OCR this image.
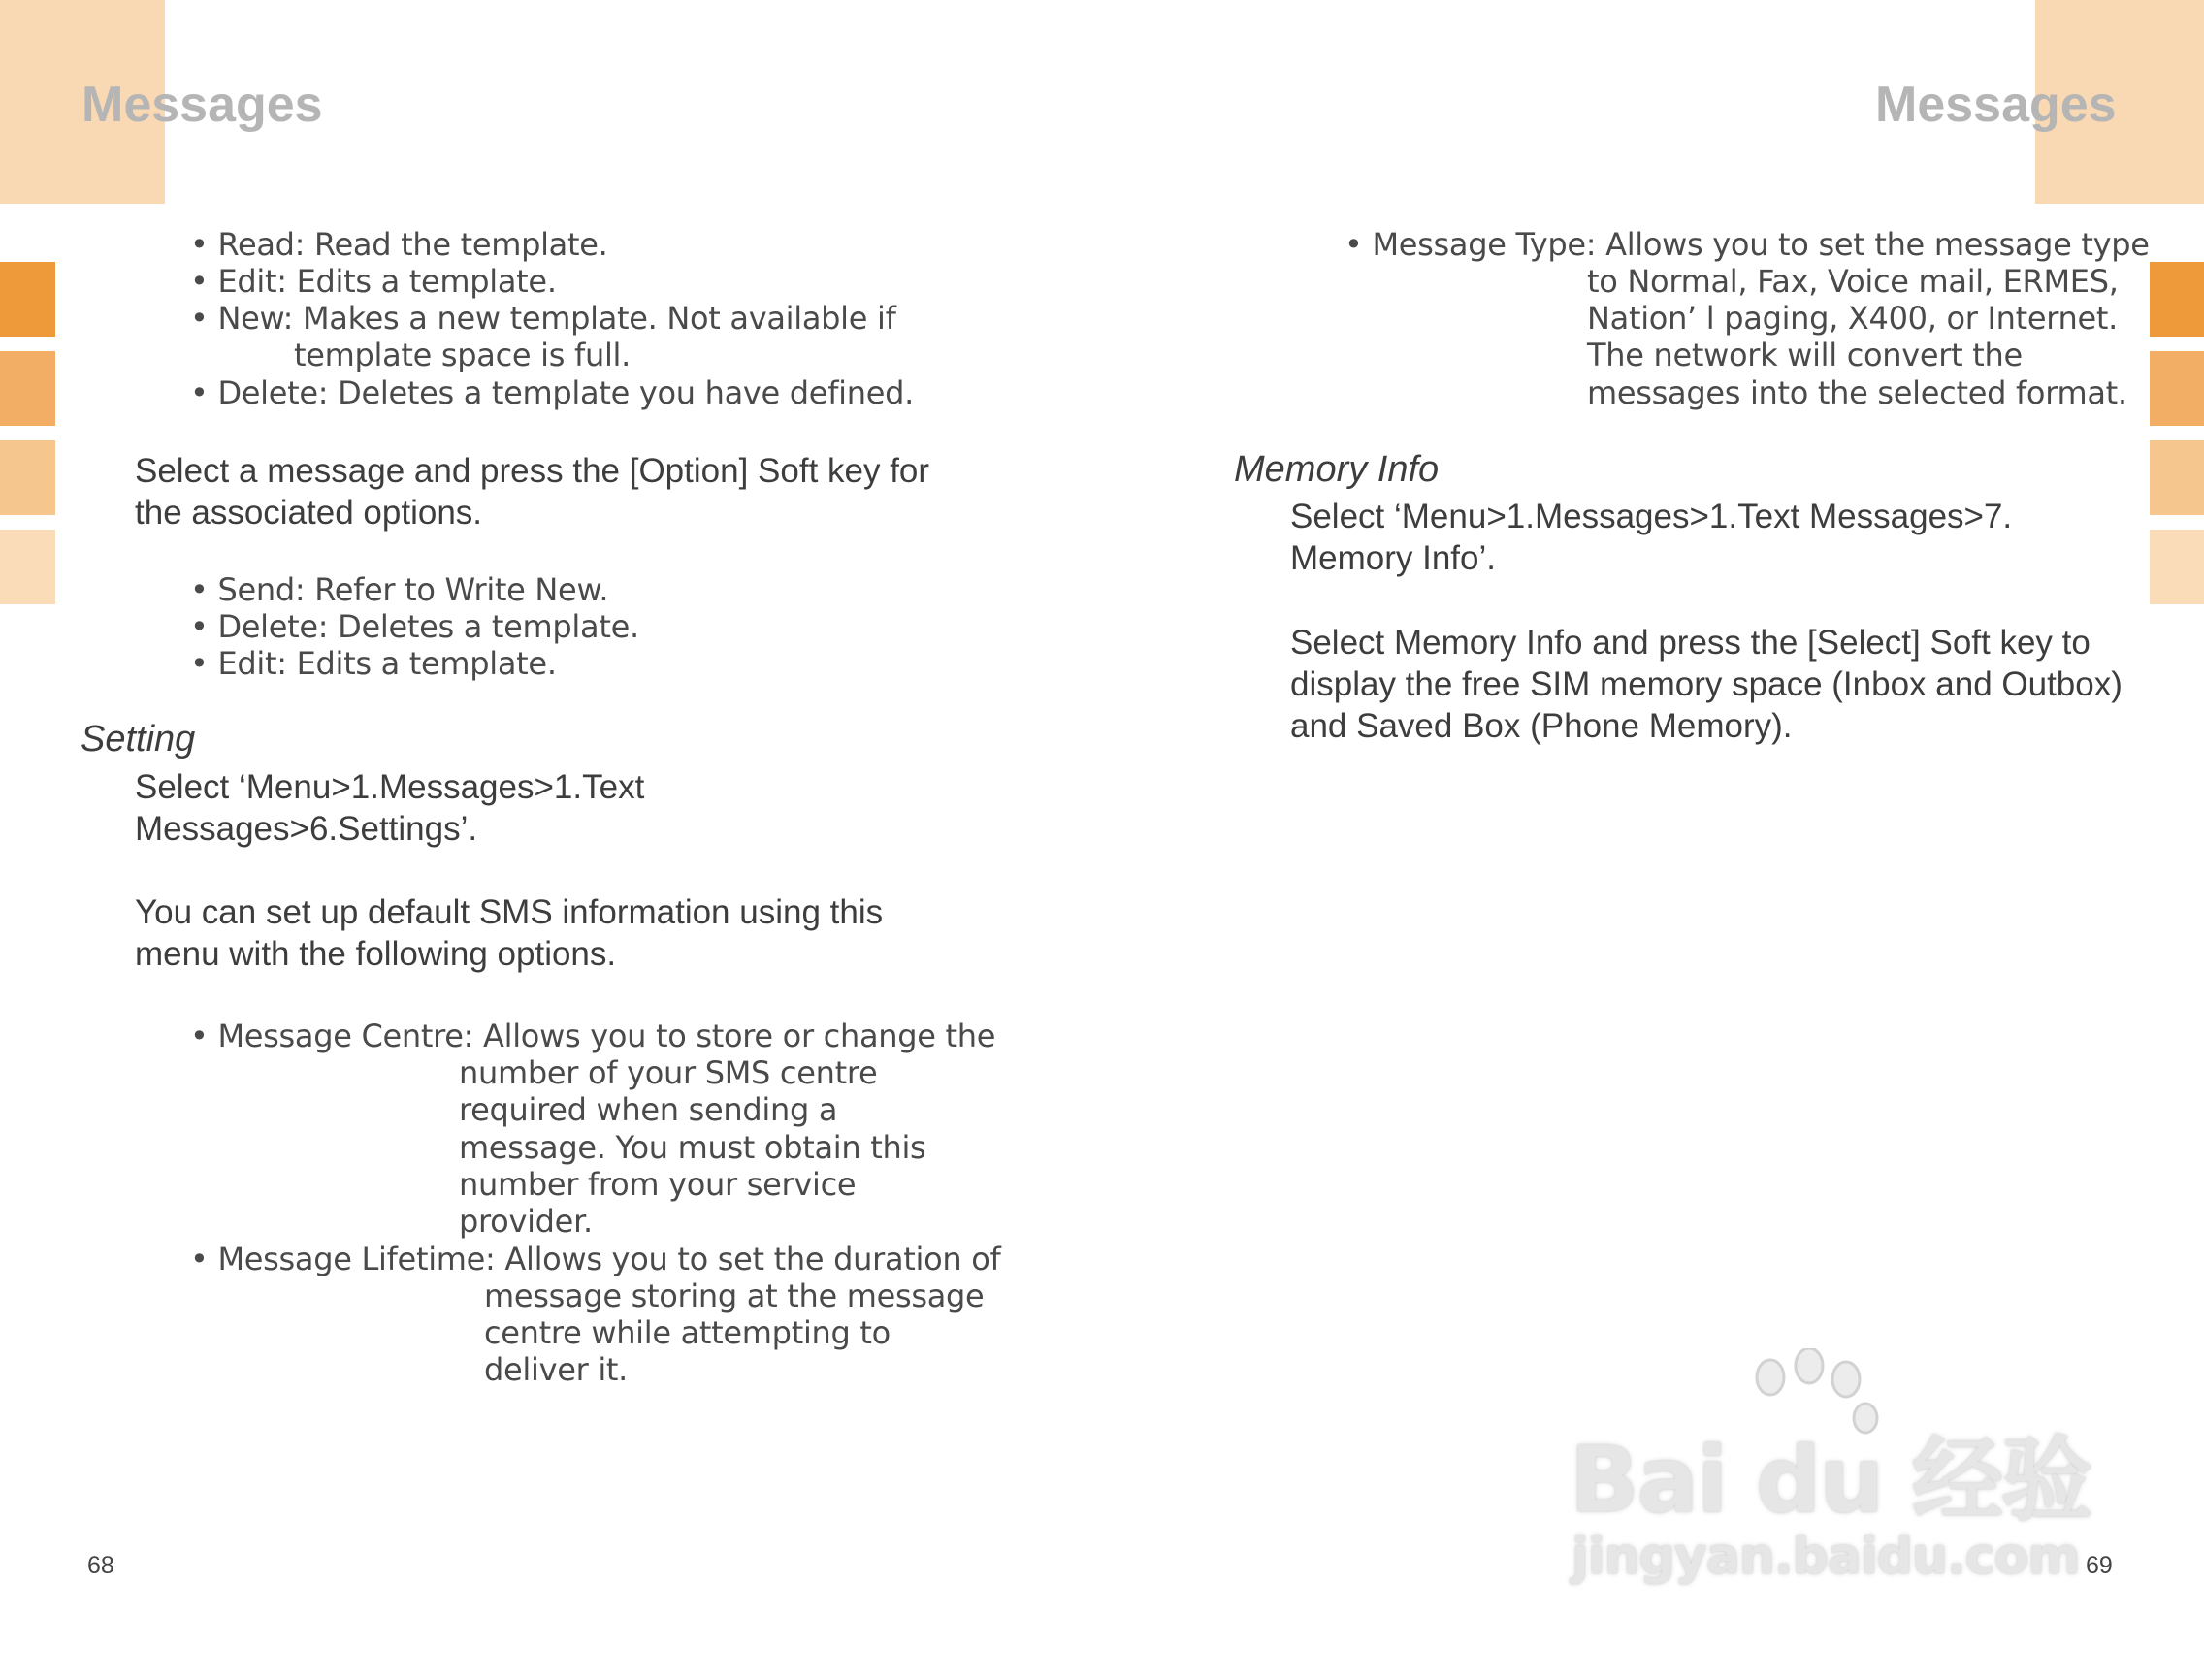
Messages	Messages
• Read: Read the template.
• Edit: Edits a template.
• New: Makes a new template. Not available if
template space is full.
• Delete: Deletes a template you have defined.
Select a message and press the [Option] Soft key for
the associated options.
• Send: Refer to Write New.
• Delete: Deletes a template.
• Edit: Edits a template.
Setting
Select ‘Menu>1.Messages>1.Text
Messages>6.Settings’.
You can set up default SMS information using this
menu with the following options.
• Message Centre: Allows you to store or change the
number of your SMS centre
required when sending a
message. You must obtain this
number from your service
provider.
• Message Lifetime: Allows you to set the duration of
message storing at the message
centre while attempting to
deliver it.
68
• Message Type: Allows you to set the message type
to Normal, Fax, Voice mail, ERMES,
Nation’ l paging, X400, or Internet.
The network will convert the
messages into the selected format.
Memory Info
Select ‘Menu>1.Messages>1.Text Messages>7.
Memory Info’.
Select Memory Info and press the [Select] Soft key to
display the free SIM memory space (Inbox and Outbox)
and Saved Box (Phone Memory).
69
Bai du 经验
jingyan.baidu.com
